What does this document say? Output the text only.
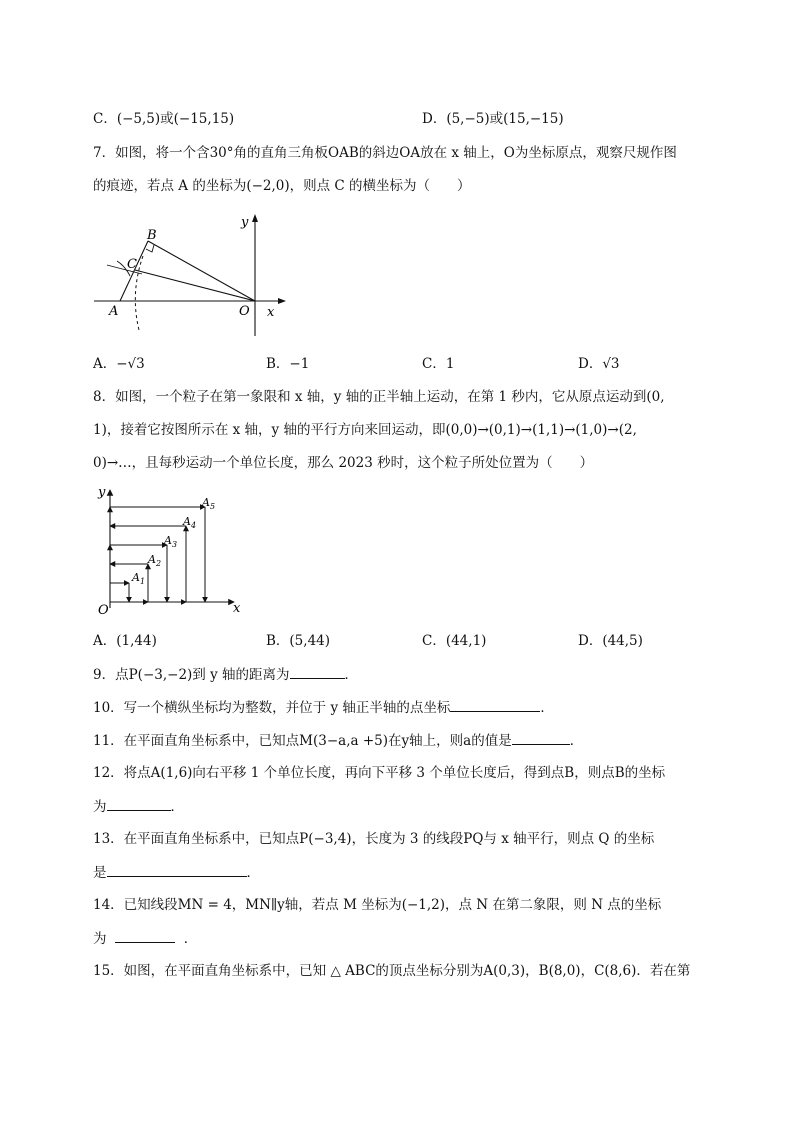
C．(−5,5)或(−15,15)	D．(5,−5)或(15,−15)
7．如图，将一个含30°角的直角三角板OAB的斜边OA放在 x 轴上，O为坐标原点，观察尺规作图
的痕迹，若点 A 的坐标为(−2,0)，则点 C 的横坐标为（　　）
y
x
B
C
A	O
A．−√3	B．−1	C．1	D．√3
8．如图，一个粒子在第一象限和 x 轴，y 轴的正半轴上运动，在第 1 秒内，它从原点运动到(0,
1)，接着它按图所示在 x 轴，y 轴的平行方向来回运动，即(0,0)→(0,1)→(1,1)→(1,0)→(2,
0)→…，且每秒运动一个单位长度，那么 2023 秒时，这个粒子所处位置为（　　）
y
x
O
$A_1$
$A_2$
$A_3$
$A_4$
$A_5$
A．(1,44)	B．(5,44)	C．(44,1)	D．(44,5)
9．点P(−3,−2)到 y 轴的距离为	．
10．写一个横纵坐标均为整数，并位于 y 轴正半轴的点坐标	．
11．在平面直角坐标系中，已知点M(3−a,a +5)在y轴上，则a的值是	．
12．将点A(1,6)向右平移 1 个单位长度，再向下平移 3 个单位长度后，得到点B，则点B的坐标
为	．
13．在平面直角坐标系中，已知点P(−3,4)，长度为 3 的线段PQ与 x 轴平行，则点 Q 的坐标
是	．
14．已知线段MN = 4，MN∥y轴，若点 M 坐标为(−1,2)，点 N 在第二象限，则 N 点的坐标
为	．
15．如图，在平面直角坐标系中，已知 △ ABC的顶点坐标分别为A(0,3)，B(8,0)，C(8,6)．若在第
